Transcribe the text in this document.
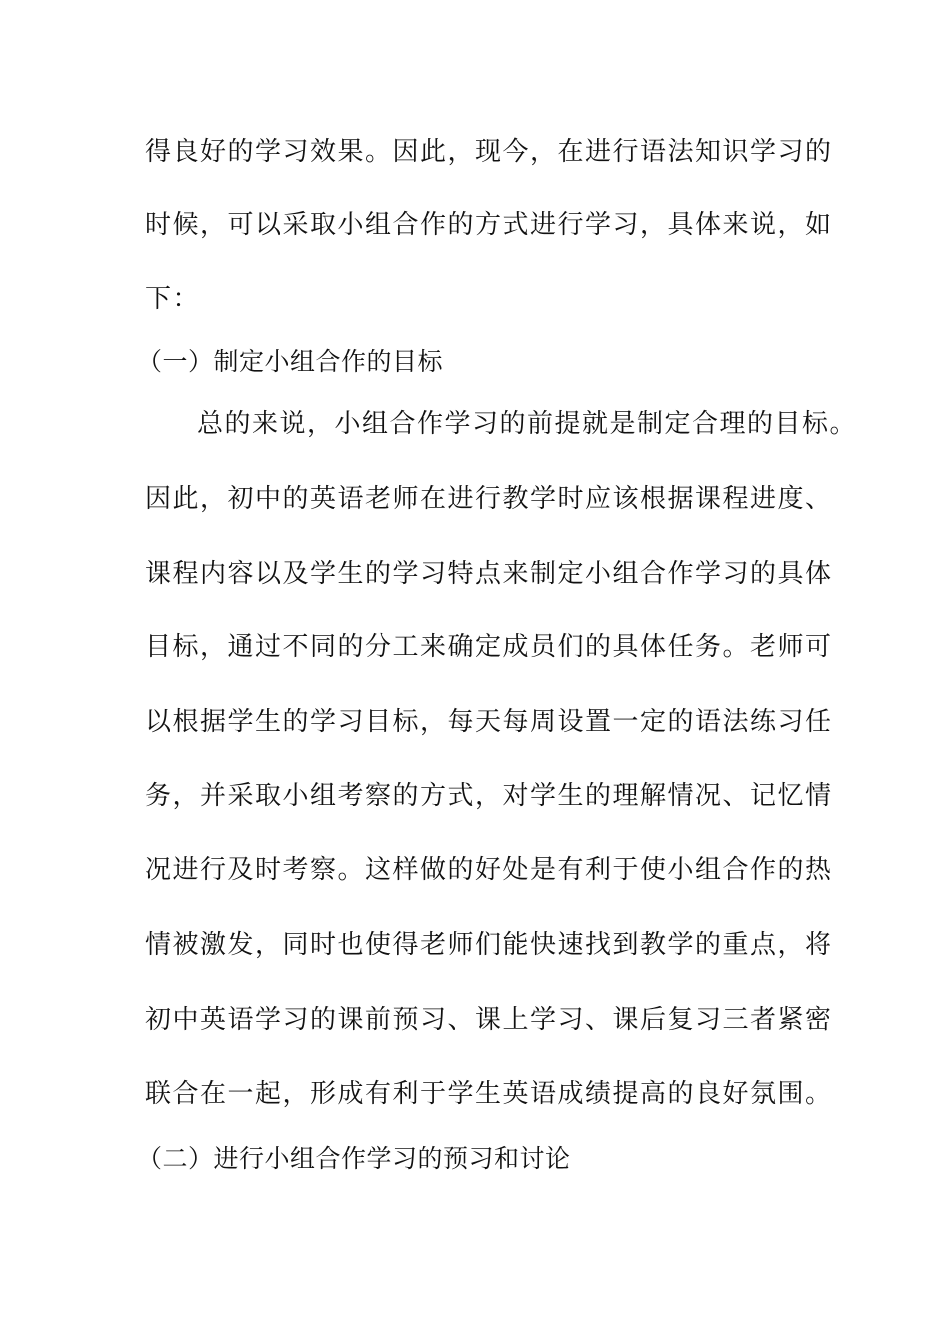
得良好的学习效果。因此，现今，在进行语法知识学习的
时候，可以采取小组合作的方式进行学习，具体来说，如
下：
（一）制定小组合作的目标
总的来说，小组合作学习的前提就是制定合理的目标。
因此，初中的英语老师在进行教学时应该根据课程进度、
课程内容以及学生的学习特点来制定小组合作学习的具体
目标，通过不同的分工来确定成员们的具体任务。老师可
以根据学生的学习目标，每天每周设置一定的语法练习任
务，并采取小组考察的方式，对学生的理解情况、记忆情
况进行及时考察。这样做的好处是有利于使小组合作的热
情被激发，同时也使得老师们能快速找到教学的重点，将
初中英语学习的课前预习、课上学习、课后复习三者紧密
联合在一起，形成有利于学生英语成绩提高的良好氛围。
（二）进行小组合作学习的预习和讨论
